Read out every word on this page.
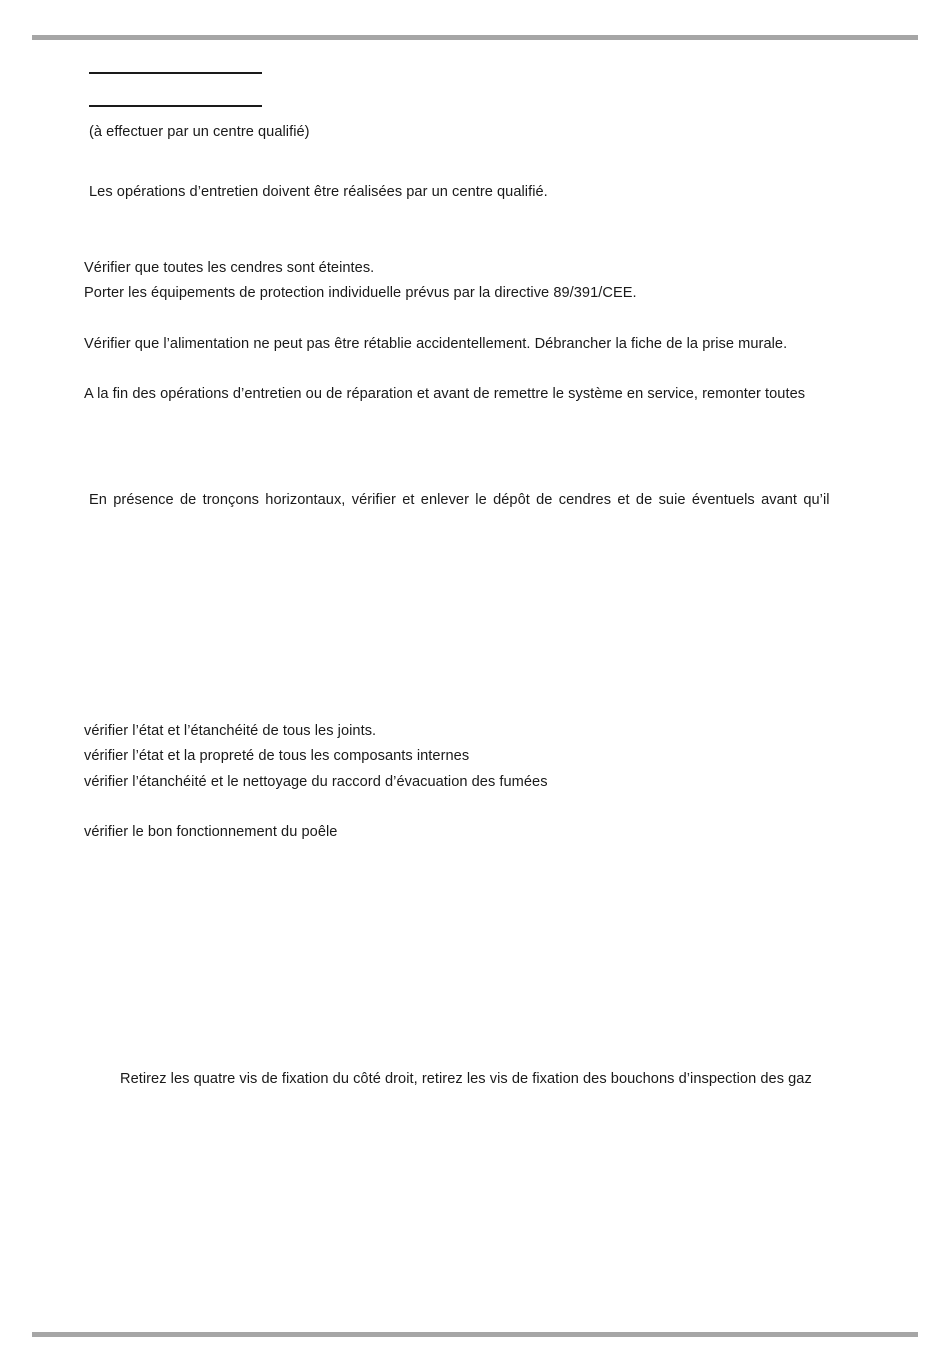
(à effectuer par un centre qualifié)
Les opérations d’entretien doivent être réalisées par un centre qualifié.
Vérifier que toutes les cendres sont éteintes.
Porter les équipements de protection individuelle prévus par la directive 89/391/CEE.
Vérifier que l’alimentation ne peut pas être rétablie accidentellement. Débrancher la fiche de la prise murale.
A la fin des opérations d’entretien ou de réparation et avant de remettre le système en service, remonter toutes
En présence de tronçons horizontaux, vérifier et enlever le dépôt de cendres et de suie éventuels avant qu’il
vérifier l’état et l’étanchéité de tous les joints.
vérifier l’état et la propreté de tous les composants internes
vérifier l’étanchéité et le nettoyage du raccord d’évacuation des fumées
vérifier le bon fonctionnement du poêle
Retirez les quatre vis de fixation du côté droit, retirez les vis de fixation des bouchons d’inspection des gaz
